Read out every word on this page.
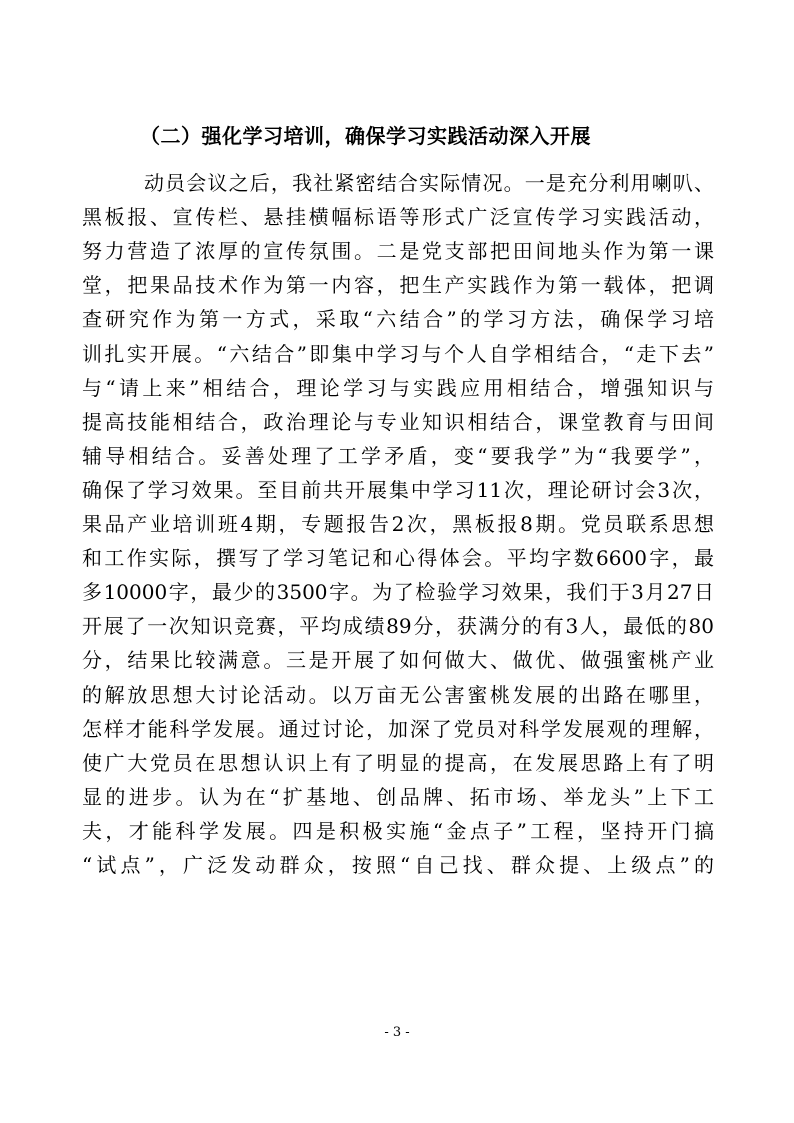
（二）强化学习培训，确保学习实践活动深入开展
动员会议之后，我社紧密结合实际情况。一是充分利用喇叭、
黑板报、宣传栏、悬挂横幅标语等形式广泛宣传学习实践活动，
努力营造了浓厚的宣传氛围。二是党支部把田间地头作为第一课
堂，把果品技术作为第一内容，把生产实践作为第一载体，把调
查研究作为第一方式，采取“六结合”的学习方法，确保学习培
训扎实开展。“六结合”即集中学习与个人自学相结合，“走下去”
与“请上来”相结合，理论学习与实践应用相结合，增强知识与
提高技能相结合，政治理论与专业知识相结合，课堂教育与田间
辅导相结合。妥善处理了工学矛盾，变“要我学”为“我要学”，
确保了学习效果。至目前共开展集中学习11次，理论研讨会3次，
果品产业培训班4期，专题报告2次，黑板报8期。党员联系思想
和工作实际，撰写了学习笔记和心得体会。平均字数6600字，最
多10000字，最少的3500字。为了检验学习效果，我们于3月27日
开展了一次知识竞赛，平均成绩89分，获满分的有3人，最低的80
分，结果比较满意。三是开展了如何做大、做优、做强蜜桃产业
的解放思想大讨论活动。以万亩无公害蜜桃发展的出路在哪里，
怎样才能科学发展。通过讨论，加深了党员对科学发展观的理解，
使广大党员在思想认识上有了明显的提高，在发展思路上有了明
显的进步。认为在“扩基地、创品牌、拓市场、举龙头”上下工
夫，才能科学发展。四是积极实施“金点子”工程，坚持开门搞
“试点”，广泛发动群众，按照“自己找、群众提、上级点”的
- 3 -
